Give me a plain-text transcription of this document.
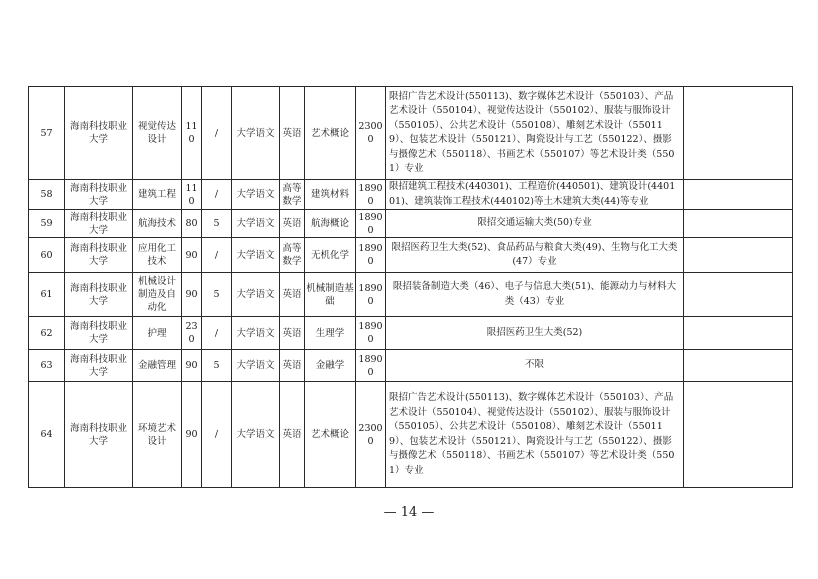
57	海南科技职业大学	视觉传达设计	110	/	大学语文	英语	艺术概论	23000	限招广告艺术设计(550113)、数字媒体艺术设计（550103）、产品艺术设计（550104）、视觉传达设计（550102）、服装与服饰设计（550105）、公共艺术设计（550108）、雕刻艺术设计（550119）、包装艺术设计（550121）、陶瓷设计与工艺（550122）、摄影与摄像艺术（550118）、书画艺术（550107）等艺术设计类（5501）专业	
58	海南科技职业大学	建筑工程	110	/	大学语文	高等数学	建筑材料	18900	限招建筑工程技术(440301)、工程造价(440501)、建筑设计(440101)、建筑装饰工程技术(440102)等土木建筑大类(44)等专业	
59	海南科技职业大学	航海技术	80	5	大学语文	英语	航海概论	18900	限招交通运输大类(50)专业	
60	海南科技职业大学	应用化工技术	90	/	大学语文	高等数学	无机化学	18900	限招医药卫生大类(52)、食品药品与粮食大类(49)、生物与化工大类(47）专业	
61	海南科技职业大学	机械设计制造及自动化	90	5	大学语文	英语	机械制造基础	18900	限招装备制造大类（46）、电子与信息大类(51)、能源动力与材料大类（43）专业	
62	海南科技职业大学	护理	230	/	大学语文	英语	生理学	18900	限招医药卫生大类(52)	
63	海南科技职业大学	金融管理	90	5	大学语文	英语	金融学	18900	不限	
64	海南科技职业大学	环境艺术设计	90	/	大学语文	英语	艺术概论	23000	限招广告艺术设计(550113)、数字媒体艺术设计（550103）、产品艺术设计（550104）、视觉传达设计（550102）、服装与服饰设计（550105）、公共艺术设计（550108）、雕刻艺术设计（550119）、包装艺术设计（550121）、陶瓷设计与工艺（550122）、摄影与摄像艺术（550118）、书画艺术（550107）等艺术设计类（5501）专业	
— 14 —
